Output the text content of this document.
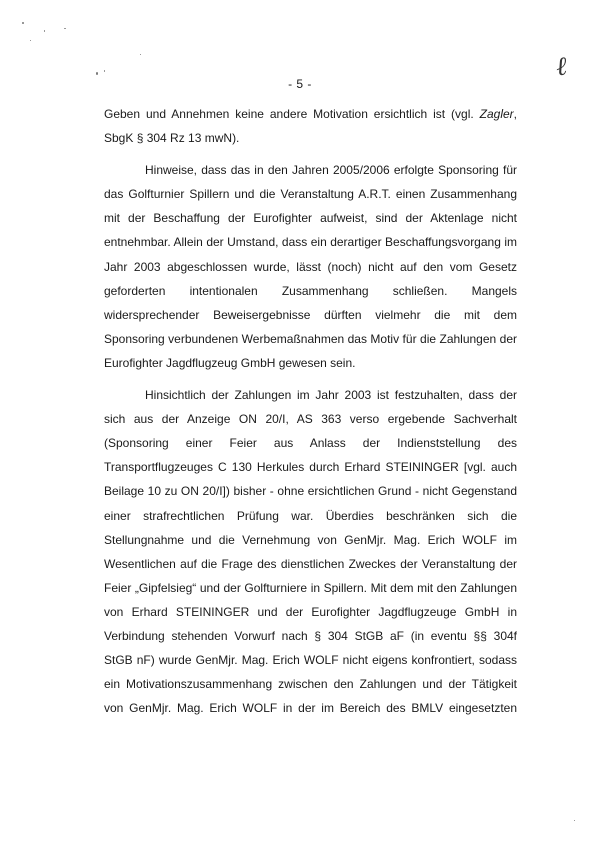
ℓ
- 5 -
Geben und Annehmen keine andere Motivation ersichtlich ist (vgl. Zagler,
SbgK § 304 Rz 13 mwN).
Hinweise, dass das in den Jahren 2005/2006 erfolgte Sponsoring für
das Golfturnier Spillern und die Veranstaltung A.R.T. einen Zusammenhang
mit der Beschaffung der Eurofighter aufweist, sind der Aktenlage nicht
entnehmbar. Allein der Umstand, dass ein derartiger Beschaffungsvorgang im
Jahr 2003 abgeschlossen wurde, lässt (noch) nicht auf den vom Gesetz
geforderten intentionalen Zusammenhang schließen. Mangels
widersprechender Beweisergebnisse dürften vielmehr die mit dem
Sponsoring verbundenen Werbemaßnahmen das Motiv für die Zahlungen der
Eurofighter Jagdflugzeug GmbH gewesen sein.
Hinsichtlich der Zahlungen im Jahr 2003 ist festzuhalten, dass der
sich aus der Anzeige ON 20/I, AS 363 verso ergebende Sachverhalt
(Sponsoring einer Feier aus Anlass der Indienststellung des
Transportflugzeuges C 130 Herkules durch Erhard STEININGER [vgl. auch
Beilage 10 zu ON 20/I]) bisher - ohne ersichtlichen Grund - nicht Gegenstand
einer strafrechtlichen Prüfung war. Überdies beschränken sich die
Stellungnahme und die Vernehmung von GenMjr. Mag. Erich WOLF im
Wesentlichen auf die Frage des dienstlichen Zweckes der Veranstaltung der
Feier „Gipfelsieg“ und der Golfturniere in Spillern. Mit dem mit den Zahlungen
von Erhard STEININGER und der Eurofighter Jagdflugzeuge GmbH in
Verbindung stehenden Vorwurf nach § 304 StGB aF (in eventu §§ 304f
StGB nF) wurde GenMjr. Mag. Erich WOLF nicht eigens konfrontiert, sodass
ein Motivationszusammenhang zwischen den Zahlungen und der Tätigkeit
von GenMjr. Mag. Erich WOLF in der im Bereich des BMLV eingesetzten
